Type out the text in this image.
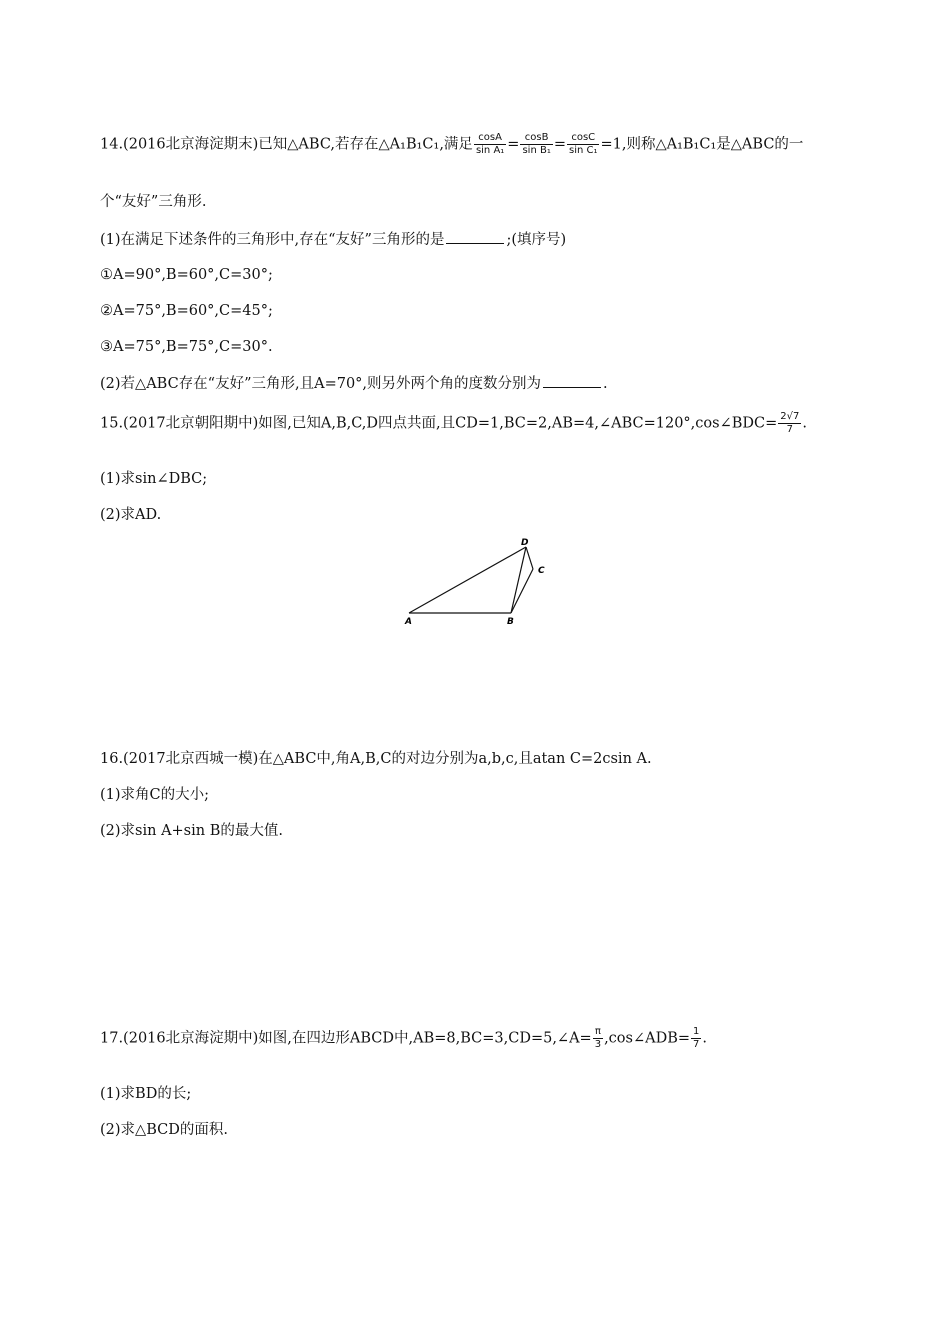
14.(2016北京海淀期末)已知△ABC,若存在△A₁B₁C₁,满足 $\frac{\cos A}{\text{sin A₁}} = \frac{\cos B}{\text{sin B₁}} = \frac{\cos C}{\text{sin C₁}} =1$,则称△A₁B₁C₁是△ABC的一
个“友好”三角形.
(1)在满足下述条件的三角形中,存在“友好”三角形的是	;(填序号)
①A=90°,B=60°,C=30°;
②A=75°,B=60°,C=45°;
③A=75°,B=75°,C=30°.
(2)若△ABC存在“友好”三角形,且A=70°,则另外两个角的度数分别为	.
15.(2017北京朝阳期中)如图,已知A,B,C,D四点共面,且CD=1,BC=2,AB=4,∠ABC=120°,cos∠BDC= $\frac{2√7}{7}$ .
(1)求sin∠DBC;
(2)求AD.
A	B
C
D
16.(2017北京西城一模)在△ABC中,角A,B,C的对边分别为a,b,c,且atan C=2csin A.
(1)求角C的大小;
(2)求sin A+sin B的最大值.
17.(2016北京海淀期中)如图,在四边形ABCD中,AB=8,BC=3,CD=5,∠A= $\frac{\pi}{3}$ ,cos∠ADB= $\frac{1}{7}$ .
(1)求BD的长;
(2)求△BCD的面积.
